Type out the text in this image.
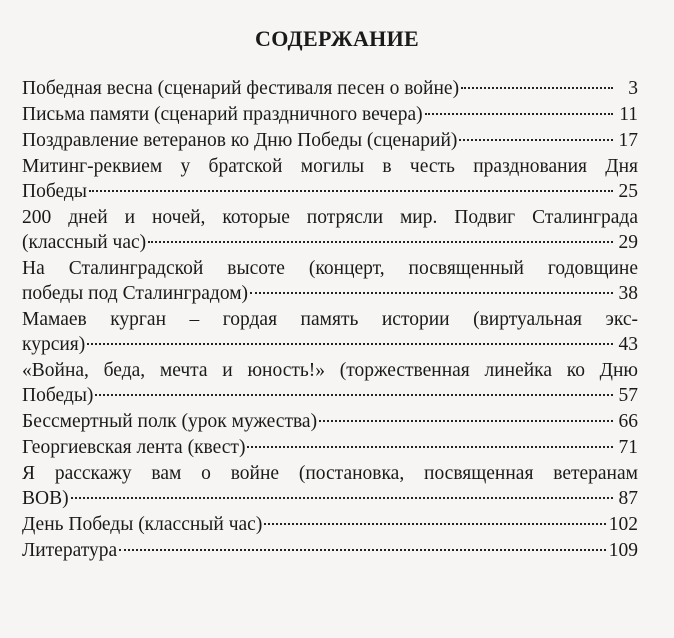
СОДЕРЖАНИЕ
Победная весна (сценарий фестиваля песен о войне)	3
Письма памяти (сценарий праздничного вечера)	11
Поздравление ветеранов ко Дню Победы (сценарий)	17
Митинг-реквием у братской могилы в честь празднования Дня
Победы	25
200 дней и ночей, которые потрясли мир. Подвиг Сталинграда
(классный час)	29
На Сталинградской высоте (концерт, посвященный годовщине
победы под Сталинградом)	38
Мамаев курган – гордая память истории (виртуальная экс-
курсия)	43
«Война, беда, мечта и юность!» (торжественная линейка ко Дню
Победы)	57
Бессмертный полк (урок мужества)	66
Георгиевская лента (квест)	71
Я расскажу вам о войне (постановка, посвященная ветеранам
ВОВ)	87
День Победы (классный час)	102
Литература	109
